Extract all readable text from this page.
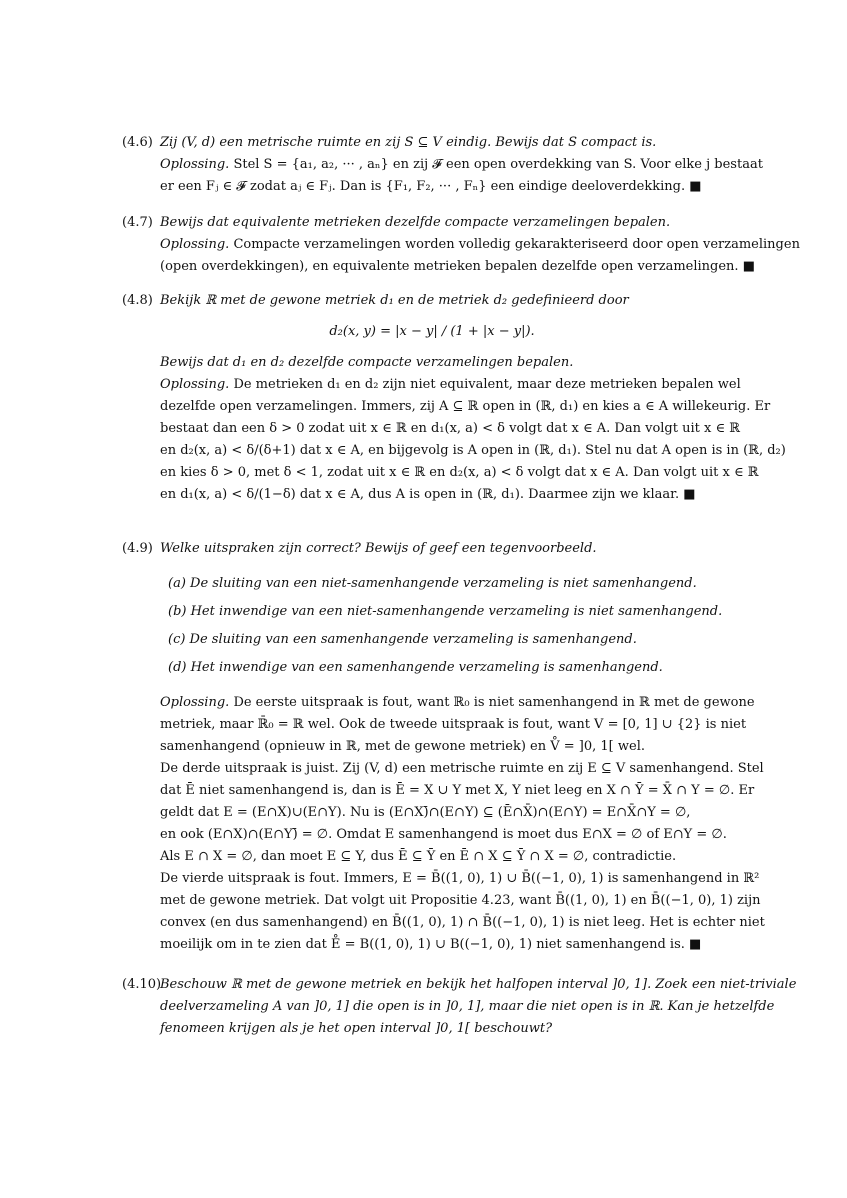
(4.6) Zij (V, d) een metrische ruimte en zij S ⊆ V eindig. Bewijs dat S compact is.
Oplossing. Stel S = {a₁, a₂, ··· , aₙ} en zij 𝓕 een open overdekking van S. Voor elke j bestaat
er een Fⱼ ∈ 𝓕 zodat aⱼ ∈ Fⱼ. Dan is {F₁, F₂, ··· , Fₙ} een eindige deeloverdekking. ■
(4.7) Bewijs dat equivalente metrieken dezelfde compacte verzamelingen bepalen.
Oplossing. Compacte verzamelingen worden volledig gekarakteriseerd door open verzamelingen
(open overdekkingen), en equivalente metrieken bepalen dezelfde open verzamelingen. ■
(4.8) Bekijk ℝ met de gewone metriek d₁ en de metriek d₂ gedefinieerd door
d₂(x, y) = |x − y| / (1 + |x − y|).
Bewijs dat d₁ en d₂ dezelfde compacte verzamelingen bepalen.
Oplossing. De metrieken d₁ en d₂ zijn niet equivalent, maar deze metrieken bepalen wel
dezelfde open verzamelingen. Immers, zij A ⊆ ℝ open in (ℝ, d₁) en kies a ∈ A willekeurig. Er
bestaat dan een δ > 0 zodat uit x ∈ ℝ en d₁(x, a) < δ volgt dat x ∈ A. Dan volgt uit x ∈ ℝ
en d₂(x, a) < δ/(δ+1) dat x ∈ A, en bijgevolg is A open in (ℝ, d₁). Stel nu dat A open is in (ℝ, d₂)
en kies δ > 0, met δ < 1, zodat uit x ∈ ℝ en d₂(x, a) < δ volgt dat x ∈ A. Dan volgt uit x ∈ ℝ
en d₁(x, a) < δ/(1−δ) dat x ∈ A, dus A is open in (ℝ, d₁). Daarmee zijn we klaar. ■
(4.9) Welke uitspraken zijn correct? Bewijs of geef een tegenvoorbeeld.
(a) De sluiting van een niet-samenhangende verzameling is niet samenhangend.
(b) Het inwendige van een niet-samenhangende verzameling is niet samenhangend.
(c) De sluiting van een samenhangende verzameling is samenhangend.
(d) Het inwendige van een samenhangende verzameling is samenhangend.
Oplossing. De eerste uitspraak is fout, want ℝ₀ is niet samenhangend in ℝ met de gewone
metriek, maar ℝ̄₀ = ℝ wel. Ook de tweede uitspraak is fout, want V = [0, 1] ∪ {2} is niet
samenhangend (opnieuw in ℝ, met de gewone metriek) en V̊ = ]0, 1[ wel.
De derde uitspraak is juist. Zij (V, d) een metrische ruimte en zij E ⊆ V samenhangend. Stel
dat Ē niet samenhangend is, dan is Ē = X ∪ Y met X, Y niet leeg en X ∩ Ȳ = X̄ ∩ Y = ∅. Er
geldt dat E = (E∩X)∪(E∩Y). Nu is (E∩X)̄∩(E∩Y) ⊆ (Ē∩X̄)∩(E∩Y) = E∩X̄∩Y = ∅,
en ook (E∩X)∩(E∩Y)̄ = ∅. Omdat E samenhangend is moet dus E∩X = ∅ of E∩Y = ∅.
Als E ∩ X = ∅, dan moet E ⊆ Y, dus Ē ⊆ Ȳ en Ē ∩ X ⊆ Ȳ ∩ X = ∅, contradictie.
De vierde uitspraak is fout. Immers, E = B̄((1, 0), 1) ∪ B̄((−1, 0), 1) is samenhangend in ℝ²
met de gewone metriek. Dat volgt uit Propositie 4.23, want B̄((1, 0), 1) en B̄((−1, 0), 1) zijn
convex (en dus samenhangend) en B̄((1, 0), 1) ∩ B̄((−1, 0), 1) is niet leeg. Het is echter niet
moeilijk om in te zien dat E̊ = B((1, 0), 1) ∪ B((−1, 0), 1) niet samenhangend is. ■
(4.10)
Beschouw ℝ met de gewone metriek en bekijk het halfopen interval ]0, 1]. Zoek een niet-triviale
deelverzameling A van ]0, 1] die open is in ]0, 1], maar die niet open is in ℝ. Kan je hetzelfde
fenomeen krijgen als je het open interval ]0, 1[ beschouwt?
